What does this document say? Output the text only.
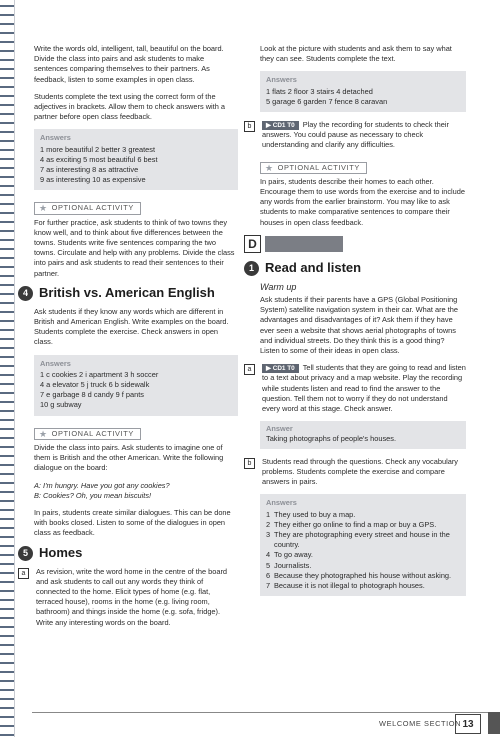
Write the words old, intelligent, tall, beautiful on the board. Divide the class into pairs and ask students to make sentences comparing themselves to their partners. As feedback, listen to some examples in open class.

Students complete the text using the correct form of the adjectives in brackets. Allow them to check answers with a partner before open class feedback.

Answers
1 more beautiful 2 better 3 greatest
4 as exciting 5 most beautiful 6 best
7 as interesting 8 as attractive
9 as interesting 10 as expensive
★ OPTIONAL ACTIVITY

For further practice, ask students to think of two towns they know well, and to think about five differences between the towns. Students write five sentences comparing the two towns. Circulate and help with any problems. Divide the class into pairs and ask students to read their sentences to their partner.

4 British vs. American English

Ask students if they know any words which are different in British and American English. Write examples on the board. Students complete the exercise. Check answers in open class.

Answers
1 c cookies 2 i apartment 3 h soccer
4 a elevator 5 j truck 6 b sidewalk
7 e garbage 8 d candy 9 f pants
10 g subway
★ OPTIONAL ACTIVITY

Divide the class into pairs. Ask students to imagine one of them is British and the other American. Write the following dialogue on the board:

A: I'm hungry. Have you got any cookies?

B: Cookies? Oh, you mean biscuits!

In pairs, students create similar dialogues. This can be done with books closed. Listen to some of the dialogues in open class as feedback.

5 Homes
a	As revision, write the word home in the centre of the board and ask students to call out any words they think of connected to the home. Elicit types of home (e.g. flat, terraced house), rooms in the home (e.g. living room, bathroom) and things inside the home (e.g. sofa, fridge). Write any interesting words on the board.

Look at the picture with students and ask them to say what they can see. Students complete the text.

Answers
1 flats 2 floor 3 stairs 4 detached
5 garage 6 garden 7 fence 8 caravan
b	▶ CD1 T0 Play the recording for students to check their answers. You could pause as necessary to check understanding and clarify any difficulties.
★ OPTIONAL ACTIVITY

In pairs, students describe their homes to each other. Encourage them to use words from the exercise and to include any words from the earlier brainstorm. You may like to ask students to make comparative sentences to compare their houses in open class feedback.

D
1 Read and listen
Warm up

Ask students if their parents have a GPS (Global Positioning System) satellite navigation system in their car. What are the advantages and disadvantages of it? Ask them if they have ever seen a website that shows aerial photographs of towns and individual streets. Do they think this is a good thing? Listen to some of their ideas in open class.

a	▶ CD1 T0 Tell students that they are going to read and listen to a text about privacy and a map website. Play the recording while students listen and read to find the answer to the question. Tell them not to worry if they do not understand every word at this stage. Check answer.
Answer
Taking photographs of people's houses.
b	Students read through the questions. Check any vocabulary problems. Students complete the exercise and compare answers in pairs.
Answers
1 They used to buy a map.
2 They either go online to find a map or buy a GPS.
3 They are photographing every street and house in the country.
4 To go away.
5 Journalists.
6 Because they photographed his house without asking.
7 Because it is not illegal to photograph houses.
WELCOME SECTION 13
